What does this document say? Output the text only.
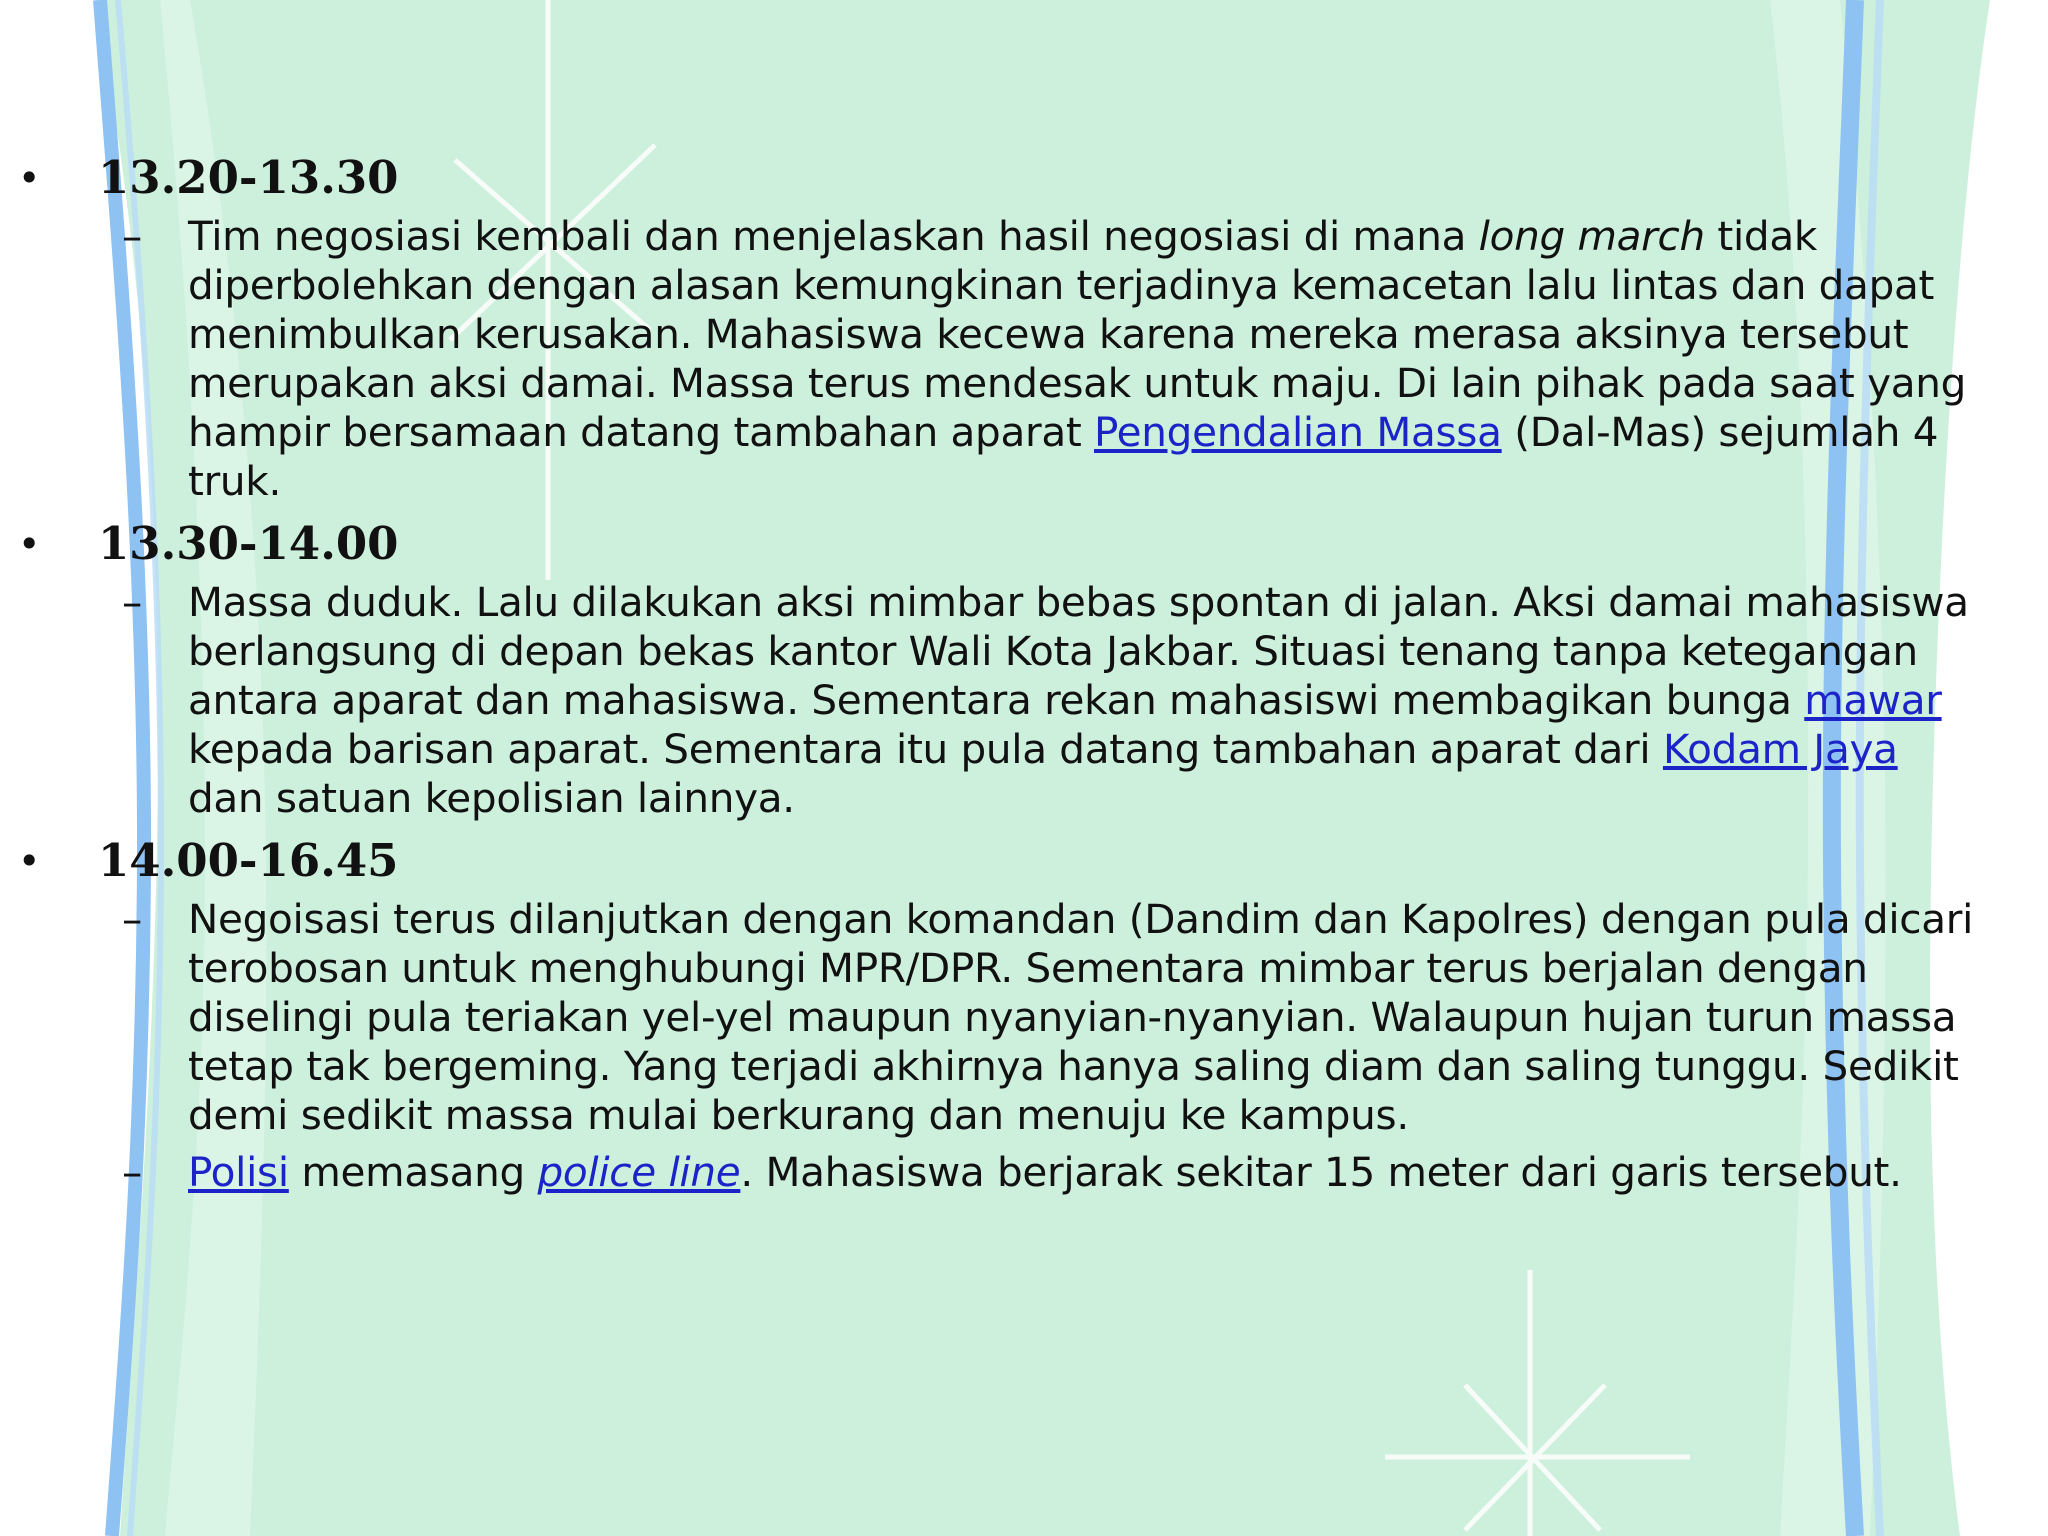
• 13.20-13.30
– Tim negosiasi kembali dan menjelaskan hasil negosiasi di mana long march tidak diperbolehkan dengan alasan kemungkinan terjadinya kemacetan lalu lintas dan dapat menimbulkan kerusakan. Mahasiswa kecewa karena mereka merasa aksinya tersebut merupakan aksi damai. Massa terus mendesak untuk maju. Di lain pihak pada saat yang hampir bersamaan datang tambahan aparat Pengendalian Massa (Dal-Mas) sejumlah 4 truk.

• 13.30-14.00
– Massa duduk. Lalu dilakukan aksi mimbar bebas spontan di jalan. Aksi damai mahasiswa berlangsung di depan bekas kantor Wali Kota Jakbar. Situasi tenang tanpa ketegangan antara aparat dan mahasiswa. Sementara rekan mahasiswi membagikan bunga mawar kepada barisan aparat. Sementara itu pula datang tambahan aparat dari Kodam Jaya dan satuan kepolisian lainnya.

• 14.00-16.45
– Negoisasi terus dilanjutkan dengan komandan (Dandim dan Kapolres) dengan pula dicari terobosan untuk menghubungi MPR/DPR. Sementara mimbar terus berjalan dengan diselingi pula teriakan yel-yel maupun nyanyian-nyanyian. Walaupun hujan turun massa tetap tak bergeming. Yang terjadi akhirnya hanya saling diam dan saling tunggu. Sedikit demi sedikit massa mulai berkurang dan menuju ke kampus.

– Polisi memasang police line. Mahasiswa berjarak sekitar 15 meter dari garis tersebut.
